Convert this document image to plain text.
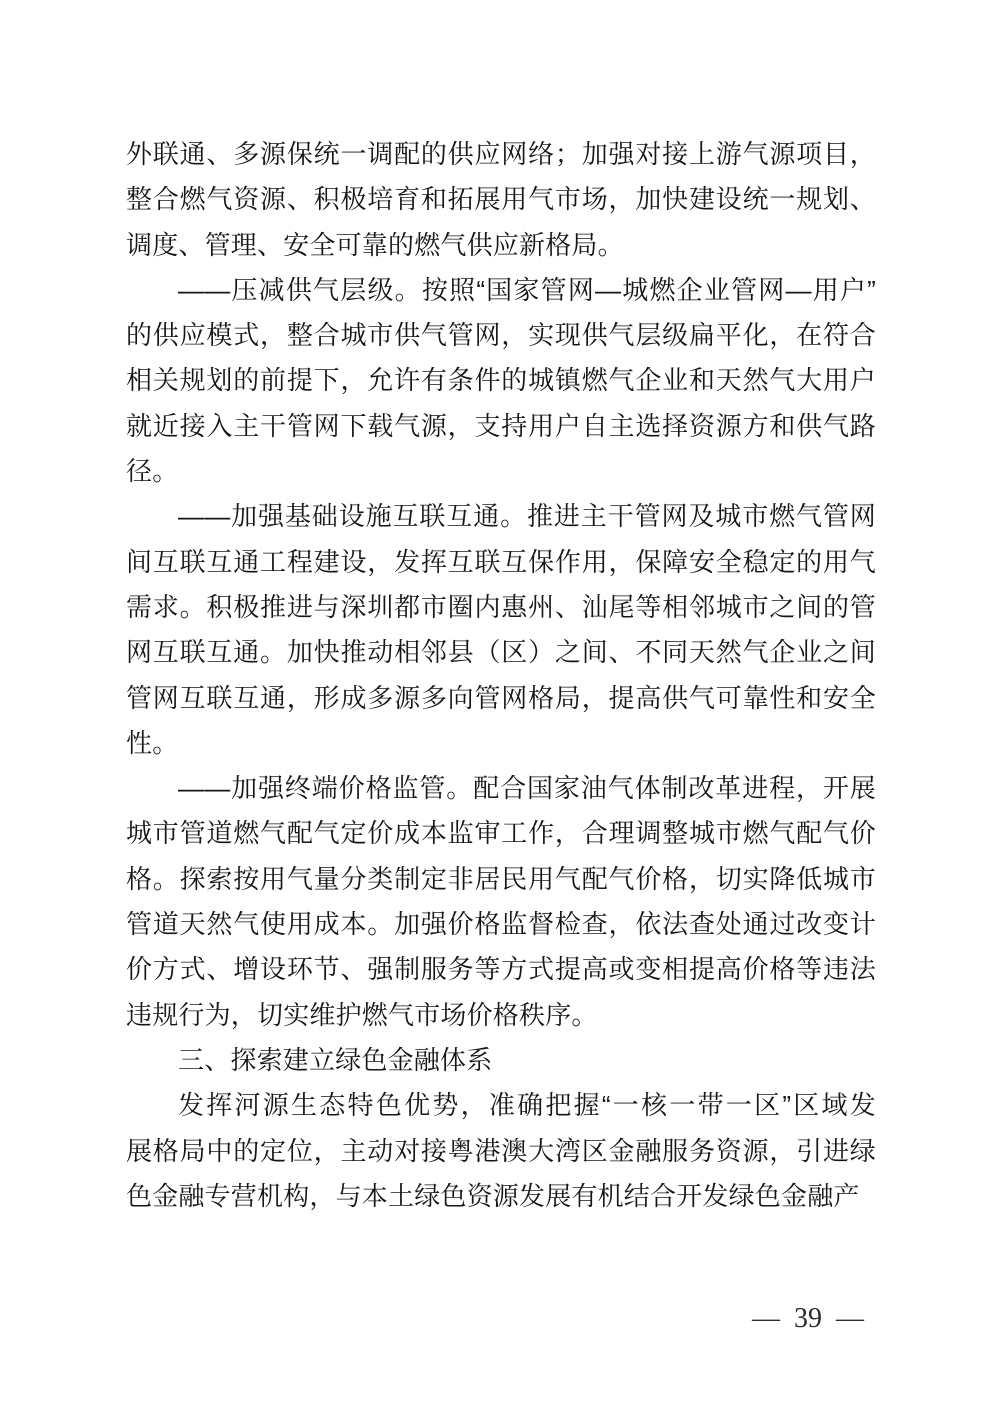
外联通、多源保统一调配的供应网络；加强对接上游气源项目，
整合燃气资源、积极培育和拓展用气市场，加快建设统一规划、
调度、管理、安全可靠的燃气供应新格局。
——压减供气层级。按照“国家管网—城燃企业管网—用户”
的供应模式，整合城市供气管网，实现供气层级扁平化，在符合
相关规划的前提下，允许有条件的城镇燃气企业和天然气大用户
就近接入主干管网下载气源，支持用户自主选择资源方和供气路
径。
——加强基础设施互联互通。推进主干管网及城市燃气管网
间互联互通工程建设，发挥互联互保作用，保障安全稳定的用气
需求。积极推进与深圳都市圈内惠州、汕尾等相邻城市之间的管
网互联互通。加快推动相邻县（区）之间、不同天然气企业之间
管网互联互通，形成多源多向管网格局，提高供气可靠性和安全
性。
——加强终端价格监管。配合国家油气体制改革进程，开展
城市管道燃气配气定价成本监审工作，合理调整城市燃气配气价
格。探索按用气量分类制定非居民用气配气价格，切实降低城市
管道天然气使用成本。加强价格监督检查，依法查处通过改变计
价方式、增设环节、强制服务等方式提高或变相提高价格等违法
违规行为，切实维护燃气市场价格秩序。
三、探索建立绿色金融体系
发挥河源生态特色优势，准确把握“一核一带一区”区域发
展格局中的定位，主动对接粤港澳大湾区金融服务资源，引进绿
色金融专营机构，与本土绿色资源发展有机结合开发绿色金融产
— 39 —
